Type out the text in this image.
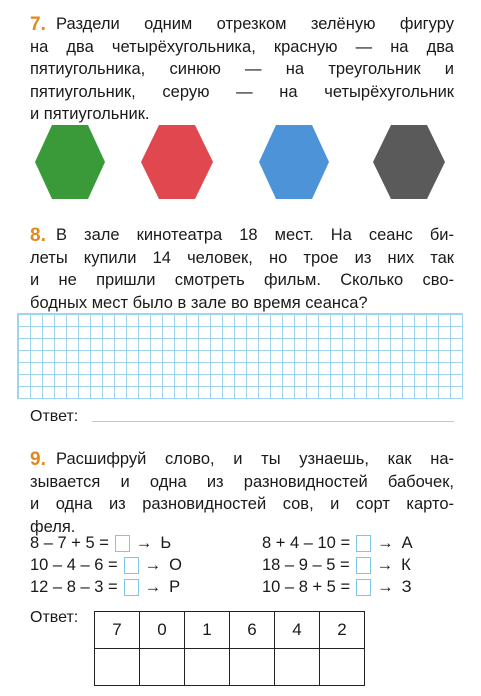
7. Раздели одним отрезком зелёную фигуру
на два четырёхугольника, красную — на два
пятиугольника, синюю — на треугольник и
пятиугольник, серую — на четырёхугольник
и пятиугольник.
8. В зале кинотеатра 18 мест. На сеанс би-
леты купили 14 человек, но трое из них так
и не пришли смотреть фильм. Сколько сво-
бодных мест было в зале во время сеанса?
Ответ:
9. Расшифруй слово, и ты узнаешь, как на-
зывается и одна из разновидностей бабочек,
и одна из разновидностей сов, и сорт карто-
феля.
8 – 7 + 5 = → Ь
10 – 4 – 6 = → О
12 – 8 – 3 = → Р
8 + 4 – 10 = → А
18 – 9 – 5 = → К
10 – 8 + 5 = → З
Ответ:
7	0	1	6	4	2
